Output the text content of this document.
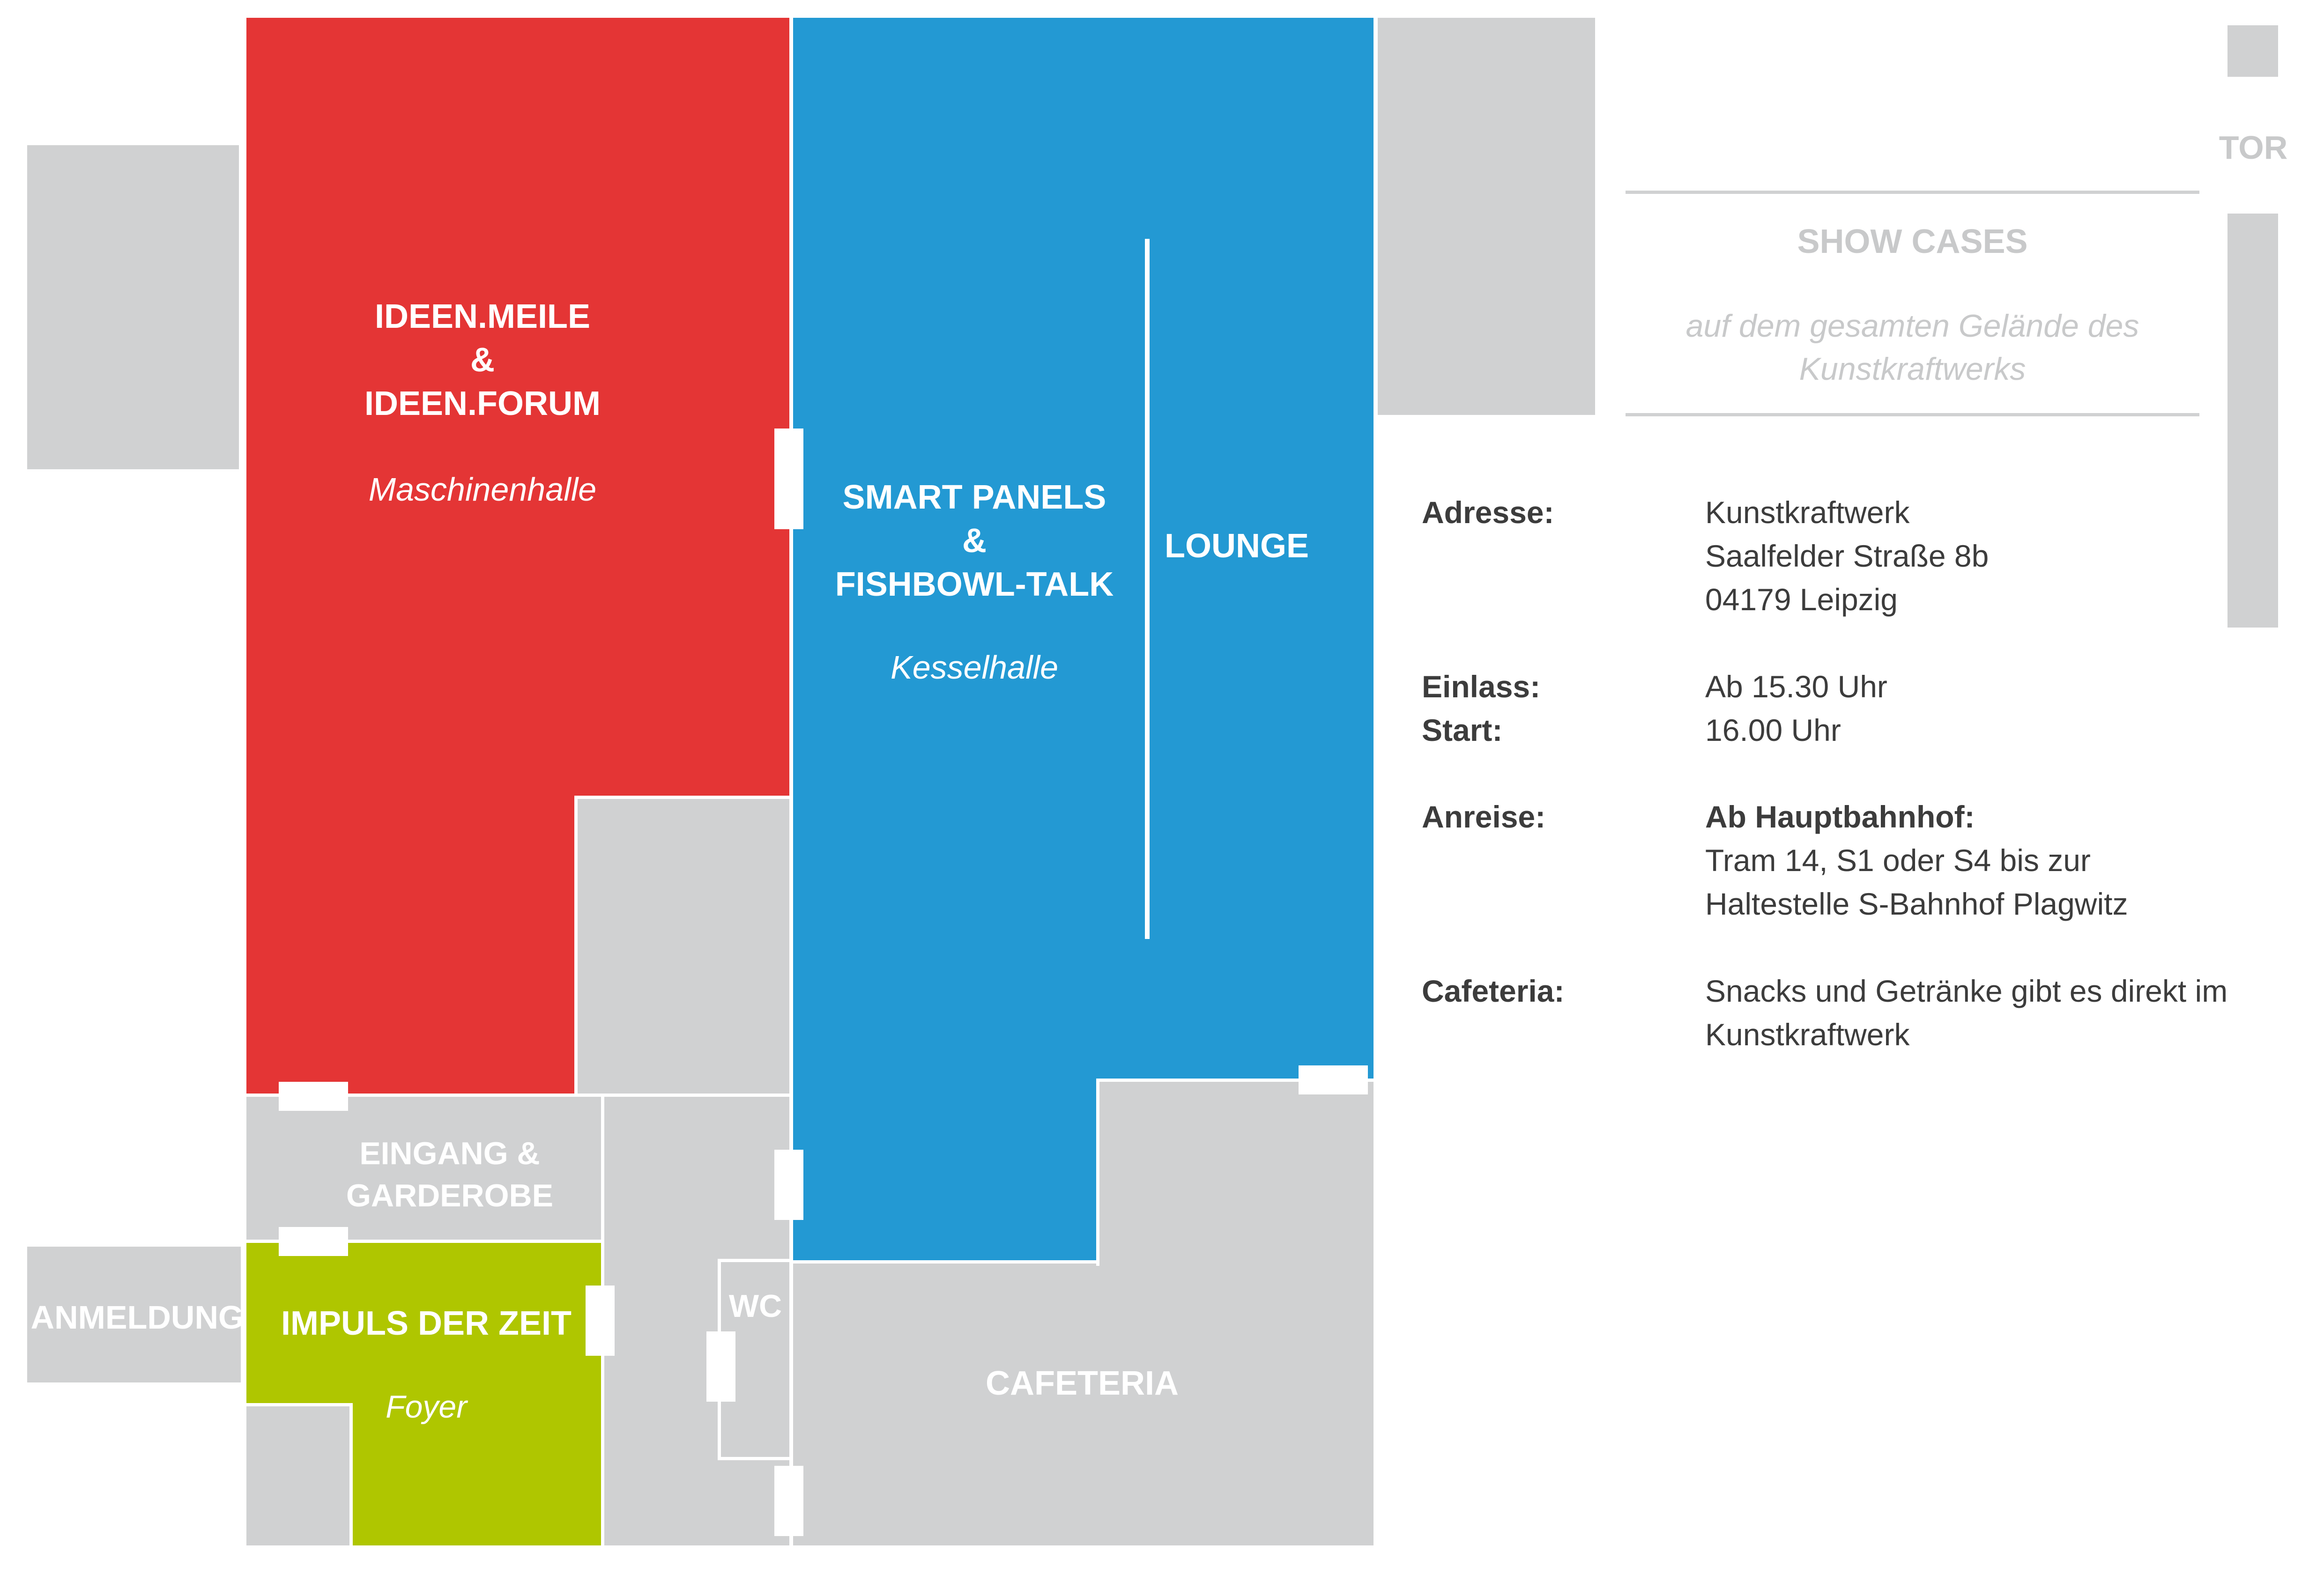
TOR
IDEEN.MEILE
&
IDEEN.FORUM
Maschinenhalle	SMART PANELS
&
FISHBOWL-TALK
Kesselhalle
LOUNGE
EINGANG &
GARDEROBE
ANMELDUNG	IMPULS DER ZEIT
Foyer
WC
CAFETERIA
SHOW CASES
auf dem gesamten Gelände des
Kunstkraftwerks
Adresse:	Kunstkraftwerk
Saalfelder Straße 8b
04179 Leipzig
Einlass:	Ab 15.30 Uhr
Start:	16.00 Uhr
Anreise:	Ab Hauptbahnhof:
Tram 14, S1 oder S4 bis zur
Haltestelle S-Bahnhof Plagwitz
Cafeteria:	Snacks und Getränke gibt es direkt im
Kunstkraftwerk
